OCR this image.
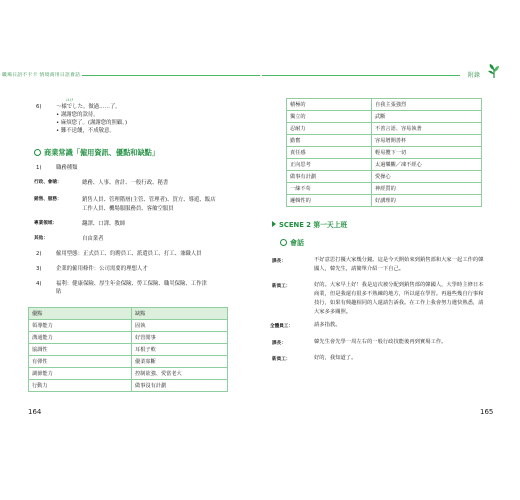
職場日語不卡卡 情境商用日語會話	附錄
6)
はげ
～様でした。做過……了。
• 謝謝您的款待。
• 麻煩您了。(謝謝您的照顧。)
• 難不送餞，不成敬意。
商業常識「僱用資訊、優點和缺點」
1)	職務種類
行政、會嗆：	總務、人事、會計、一般行政、秘書
銷售、服務：	銷售人員、管理階層(主管、管理者)、買方、導遊、飯店
工作人員、機場服服務員、客艙空服員
專業領域：	翻譯、口譯、教師
其他：	自由業者
2)	僱用型態：正式員工、約聘員工、派遣員工、打工、兼職人員
3)	企業的僱用條件：公司需要的理想人才
4)	福利：健康保險、厚生年金保險、勞工保險、職災保險、工作津
貼
優點	缺點
領導能力	固執
溝通能力	好管閒事
協調性	耳根子軟
有彈性	優柔寡斷
調節能力	控制欲強、愛當老大
行動力	做事沒有計劃
164
積極的	自我主張強烈
獨立的	武斷
忍耐力	不善言語、容易執著
勤奮	容易增開善杯
責任感	輕易攬下一切
正向思考	太過樂觀／凍不經心
做事有計劃	愛操心
一絲不苟	神經質的
邏輯性的	好講理的
SCENE 2 第一天上班
會話
課長：	不好意思打擾大家幾分鐘。這是今天開始來到銷售部和大家一起工作的韓國人，韓先生，請簡單介紹一下自己。
新員工：	好的。大家早上好！我是這次被分配到銷售部的韓國人，大學時主修日本商業，但是我還有很多不熟練的地方，所以還在學習。再過些幾自行事和技行，如果有興趣相同的人還請告訴我。在工作上我會努力遺快熟悉，請大家多多關照。
全體員工：	請多指教。
課長：	韓先生會先學一周左右的一般行政技能後再到實場工作。
新員工：	好的，我知道了。
165
